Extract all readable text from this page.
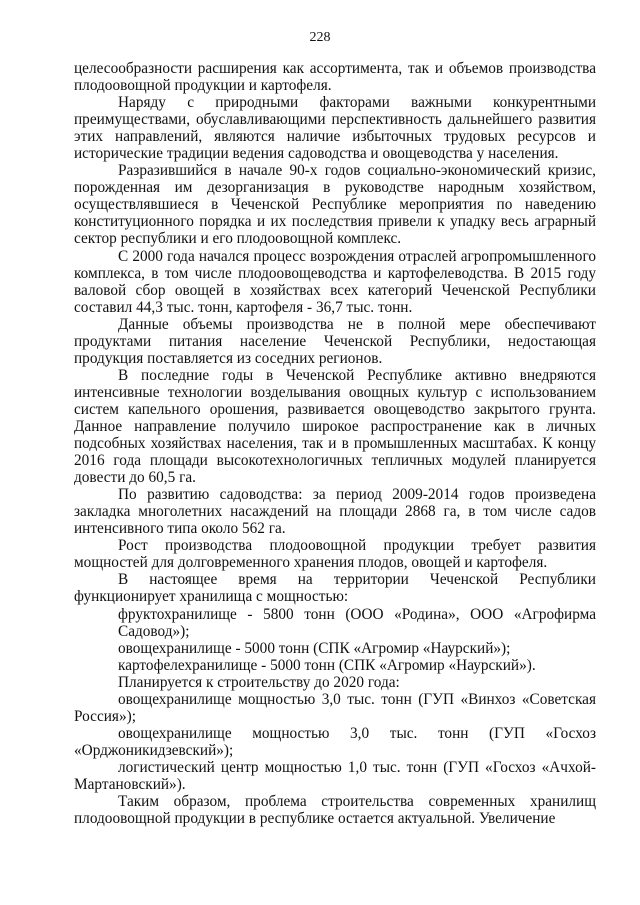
228

целесообразности расширения как ассортимента, так и объемов производства плодоовощной продукции и картофеля.

Наряду с природными факторами важными конкурентными преимуществами, обуславливающими перспективность дальнейшего развития этих направлений, являются наличие избыточных трудовых ресурсов и исторические традиции ведения садоводства и овощеводства у населения.

Разразившийся в начале 90-х годов социально-экономический кризис, порожденная им дезорганизация в руководстве народным хозяйством, осуществлявшиеся в Чеченской Республике мероприятия по наведению конституционного порядка и их последствия привели к упадку весь аграрный сектор республики и его плодоовощной комплекс.

С 2000 года начался процесс возрождения отраслей агропромышленного комплекса, в том числе плодоовощеводства и картофелеводства. В 2015 году валовой сбор овощей в хозяйствах всех категорий Чеченской Республики составил 44,3 тыс. тонн, картофеля - 36,7 тыс. тонн.

Данные объемы производства не в полной мере обеспечивают продуктами питания население Чеченской Республики, недостающая продукция поставляется из соседних регионов.

В последние годы в Чеченской Республике активно внедряются интенсивные технологии возделывания овощных культур с использованием систем капельного орошения, развивается овощеводство закрытого грунта. Данное направление получило широкое распространение как в личных подсобных хозяйствах населения, так и в промышленных масштабах. К концу 2016 года площади высокотехнологичных тепличных модулей планируется довести до 60,5 га.

По развитию садоводства: за период 2009-2014 годов произведена закладка многолетних насаждений на площади 2868 га, в том числе садов интенсивного типа около 562 га.

Рост производства плодоовощной продукции требует развития мощностей для долговременного хранения плодов, овощей и картофеля.

В настоящее время на территории Чеченской Республики функционирует хранилища с мощностью:

фруктохранилище - 5800 тонн (ООО «Родина», ООО «Агрофирма Садовод»);

овощехранилище - 5000 тонн (СПК «Агромир «Наурский»);

картофелехранилище - 5000 тонн (СПК «Агромир «Наурский»).

Планируется к строительству до 2020 года:

овощехранилище мощностью 3,0 тыс. тонн (ГУП «Винхоз «Советская Россия»);

овощехранилище мощностью 3,0 тыс. тонн (ГУП «Госхоз «Орджоникидзевский»);

логистический центр мощностью 1,0 тыс. тонн (ГУП «Госхоз «Ачхой-Мартановский»).

Таким образом, проблема строительства современных хранилищ плодоовощной продукции в республике остается актуальной. Увеличение
